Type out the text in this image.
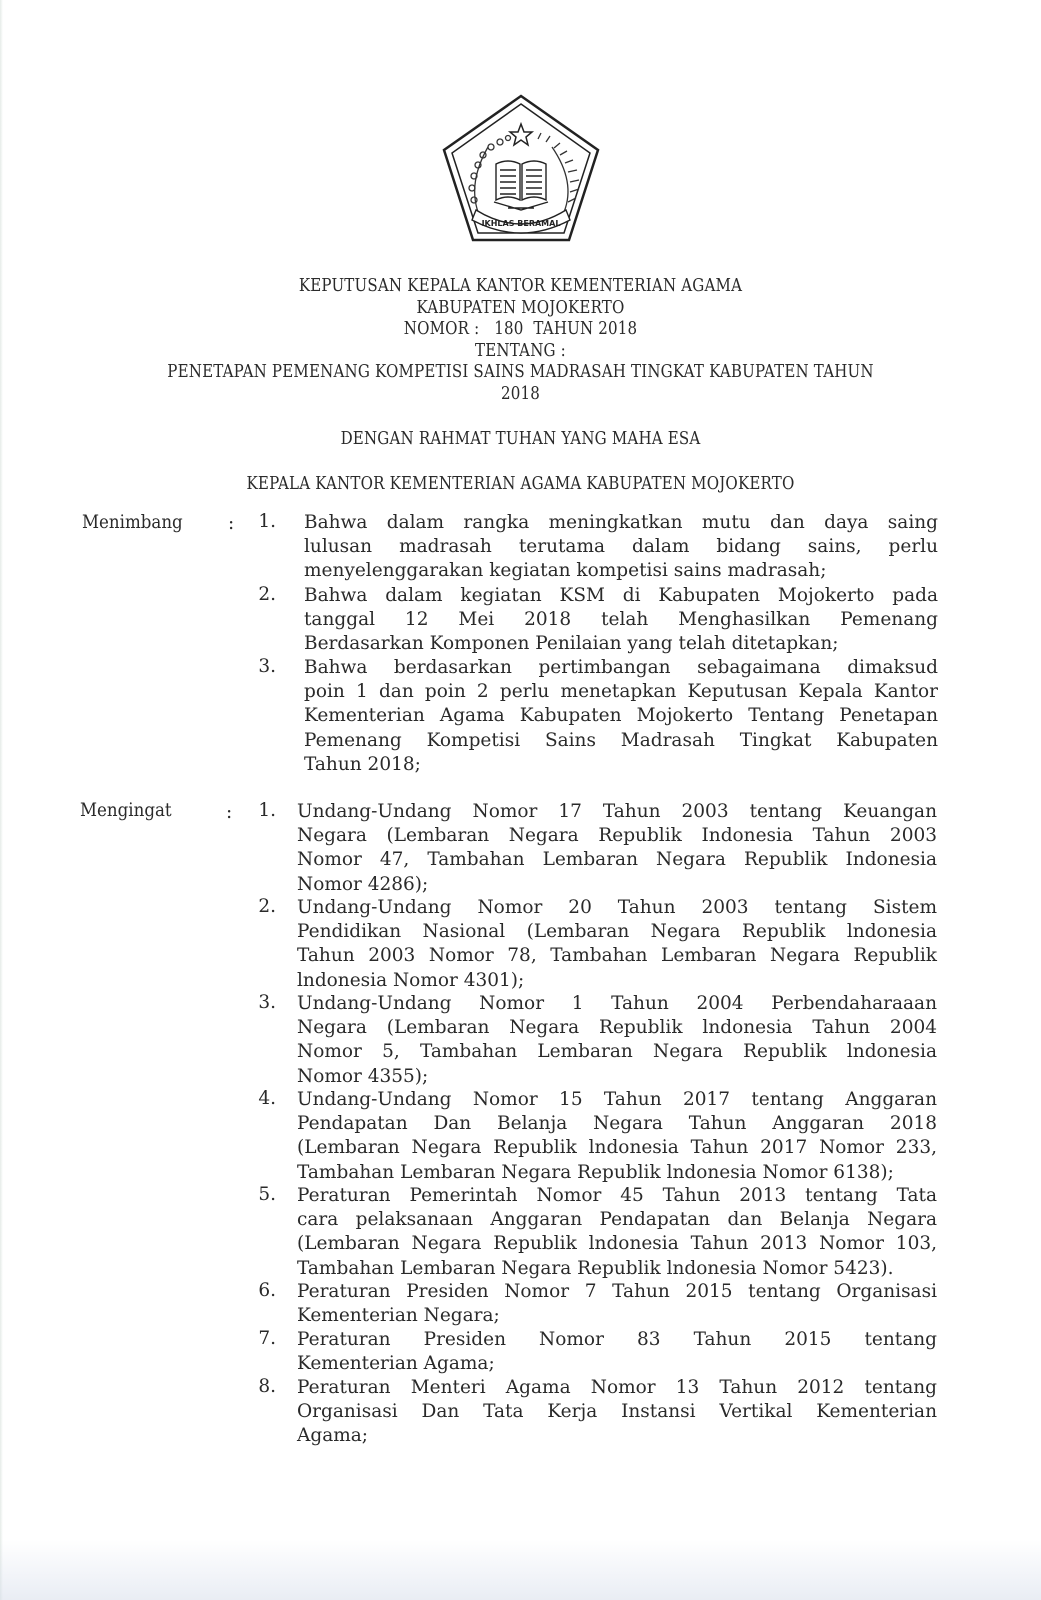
IKHLAS BERAMAL
KEPUTUSAN KEPALA KANTOR KEMENTERIAN AGAMA
KABUPATEN MOJOKERTO
NOMOR :   180  TAHUN 2018
TENTANG :
PENETAPAN PEMENANG KOMPETISI SAINS MADRASAH TINGKAT KABUPATEN TAHUN
2018
DENGAN RAHMAT TUHAN YANG MAHA ESA
KEPALA KANTOR KEMENTERIAN AGAMA KABUPATEN MOJOKERTO
Menimbang :	1. Bahwa dalam rangka meningkatkan mutu dan daya saing
lulusan madrasah terutama dalam bidang sains, perlu
menyelenggarakan kegiatan kompetisi sains madrasah;
2. Bahwa dalam kegiatan KSM di Kabupaten Mojokerto pada
tanggal 12 Mei 2018 telah Menghasilkan Pemenang
Berdasarkan Komponen Penilaian yang telah ditetapkan;
3. Bahwa berdasarkan pertimbangan sebagaimana dimaksud
poin 1 dan poin 2 perlu menetapkan Keputusan Kepala Kantor
Kementerian Agama Kabupaten Mojokerto Tentang Penetapan
Pemenang Kompetisi Sains Madrasah Tingkat Kabupaten
Tahun 2018;
Mengingat	:	1. Undang-Undang Nomor 17 Tahun 2003 tentang Keuangan
Negara (Lembaran Negara Republik Indonesia Tahun 2003
Nomor 47, Tambahan Lembaran Negara Republik Indonesia
Nomor 4286);
2. Undang-Undang Nomor 20 Tahun 2003 tentang Sistem
Pendidikan Nasional (Lembaran Negara Republik lndonesia
Tahun 2003 Nomor 78, Tambahan Lembaran Negara Republik
lndonesia Nomor 4301);
3. Undang-Undang Nomor 1 Tahun 2004 Perbendaharaaan
Negara (Lembaran Negara Republik lndonesia Tahun 2004
Nomor 5, Tambahan Lembaran Negara Republik lndonesia
Nomor 4355);
4. Undang-Undang Nomor 15 Tahun 2017 tentang Anggaran
Pendapatan Dan Belanja Negara Tahun Anggaran 2018
(Lembaran Negara Republik lndonesia Tahun 2017 Nomor 233,
Tambahan Lembaran Negara Republik lndonesia Nomor 6138);
5. Peraturan Pemerintah Nomor 45 Tahun 2013 tentang Tata
cara pelaksanaan Anggaran Pendapatan dan Belanja Negara
(Lembaran Negara Republik lndonesia Tahun 2013 Nomor 103,
Tambahan Lembaran Negara Republik lndonesia Nomor 5423).
6. Peraturan Presiden Nomor 7 Tahun 2015 tentang Organisasi
Kementerian Negara;
7. Peraturan Presiden Nomor 83 Tahun 2015 tentang
Kementerian Agama;
8. Peraturan Menteri Agama Nomor 13 Tahun 2012 tentang
Organisasi Dan Tata Kerja Instansi Vertikal Kementerian
Agama;
